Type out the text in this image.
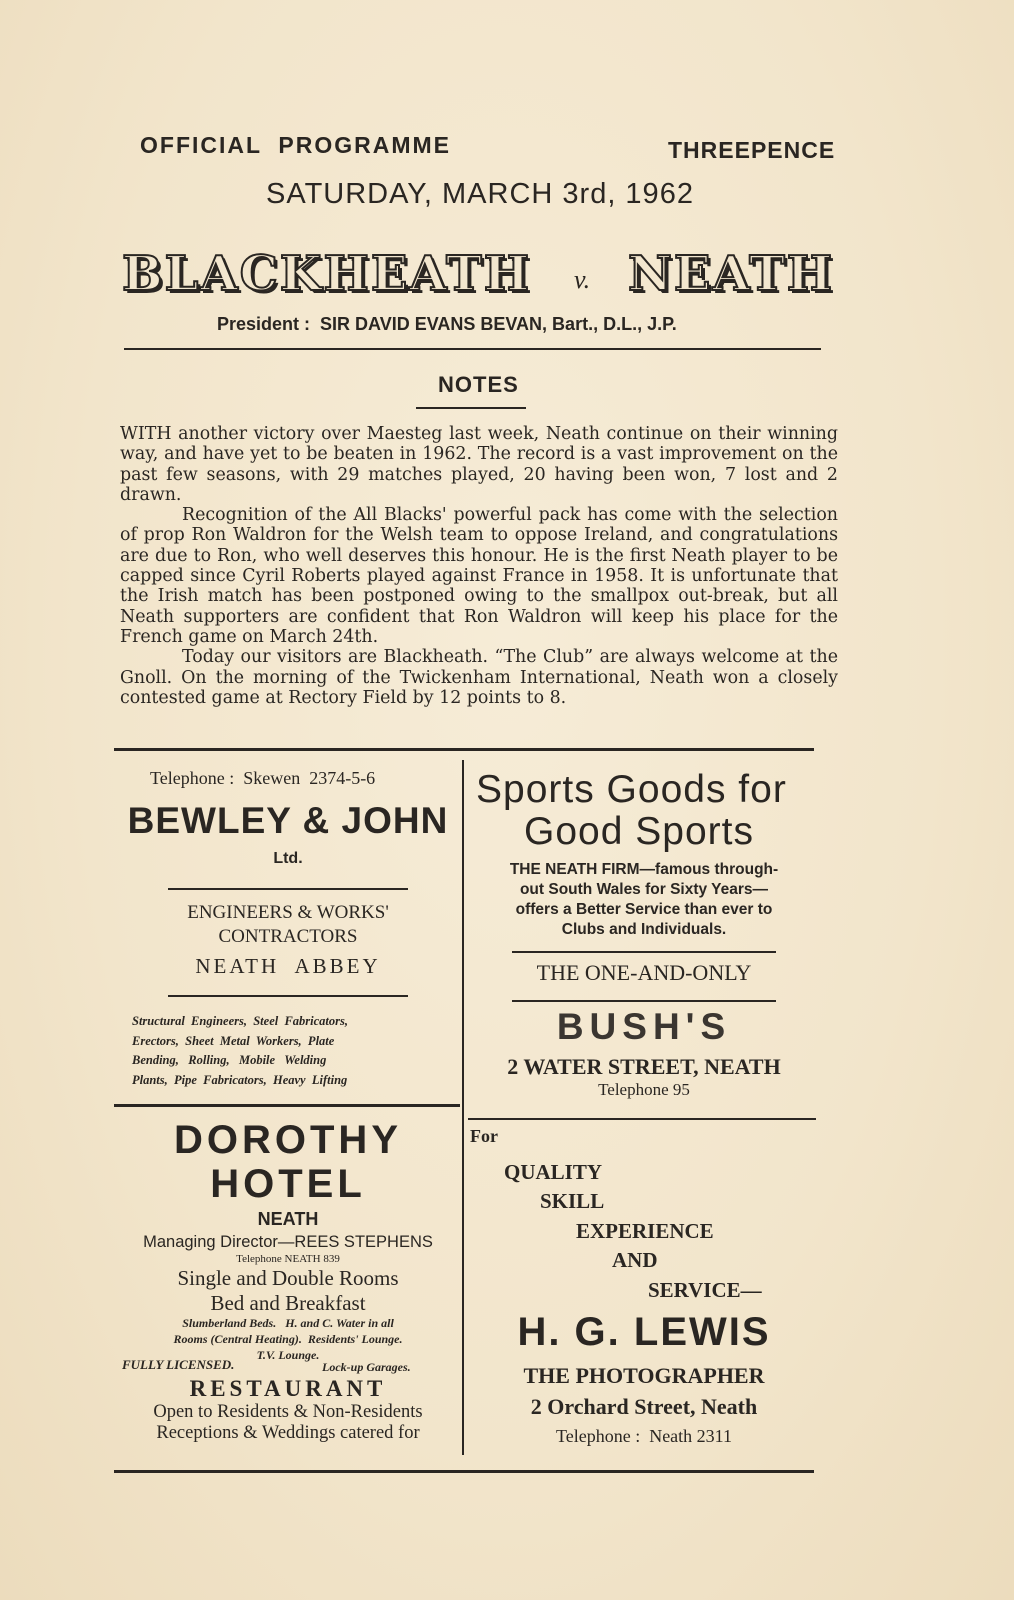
OFFICIAL  PROGRAMME	THREEPENCE
SATURDAY, MARCH 3rd, 1962
BLACKHEATH v. NEATH
President :  SIR DAVID EVANS BEVAN, Bart., D.L., J.P.
NOTES

WITH another victory over Maesteg last week, Neath continue on their winning way, and have yet to be beaten in 1962. The record is a vast improvement on the past few seasons, with 29 matches played, 20 having been won, 7 lost and 2 drawn.

Recognition of the All Blacks' powerful pack has come with the selection of prop Ron Waldron for the Welsh team to oppose Ireland, and congratulations are due to Ron, who well deserves this honour. He is the first Neath player to be capped since Cyril Roberts played against France in 1958. It is unfortunate that the Irish match has been postponed owing to the smallpox out-break, but all Neath supporters are confident that Ron Waldron will keep his place for the French game on March 24th.

Today our visitors are Blackheath. “The Club” are always welcome at the Gnoll. On the morning of the Twickenham International, Neath won a closely contested game at Rectory Field by 12 points to 8.

Telephone :  Skewen  2374-5-6
BEWLEY & JOHN
Ltd.
ENGINEERS & WORKS'
CONTRACTORS
NEATH  ABBEY
Structural  Engineers,  Steel  Fabricators,
Erectors,  Sheet  Metal  Workers,  Plate
Bending,   Rolling,   Mobile   Welding
Plants,  Pipe  Fabricators,  Heavy  Lifting
Sports Goods for
Good Sports
THE NEATH FIRM—famous through-
out South Wales for Sixty Years—
offers a Better Service than ever to
Clubs and Individuals.
THE ONE-AND-ONLY
BUSH'S
2 WATER STREET, NEATH
Telephone 95
DOROTHY
HOTEL
NEATH
Managing Director—REES STEPHENS
Telephone NEATH 839
Single and Double Rooms
Bed and Breakfast
Slumberland Beds.   H. and C. Water in all
Rooms (Central Heating).  Residents' Lounge.
T.V. Lounge.
FULLY LICENSED.	Lock-up Garages.
RESTAURANT
Open to Residents & Non-Residents
Receptions & Weddings catered for
For
QUALITY
SKILL
EXPERIENCE
AND
SERVICE—
H. G. LEWIS
THE PHOTOGRAPHER
2 Orchard Street, Neath
Telephone :  Neath 2311
